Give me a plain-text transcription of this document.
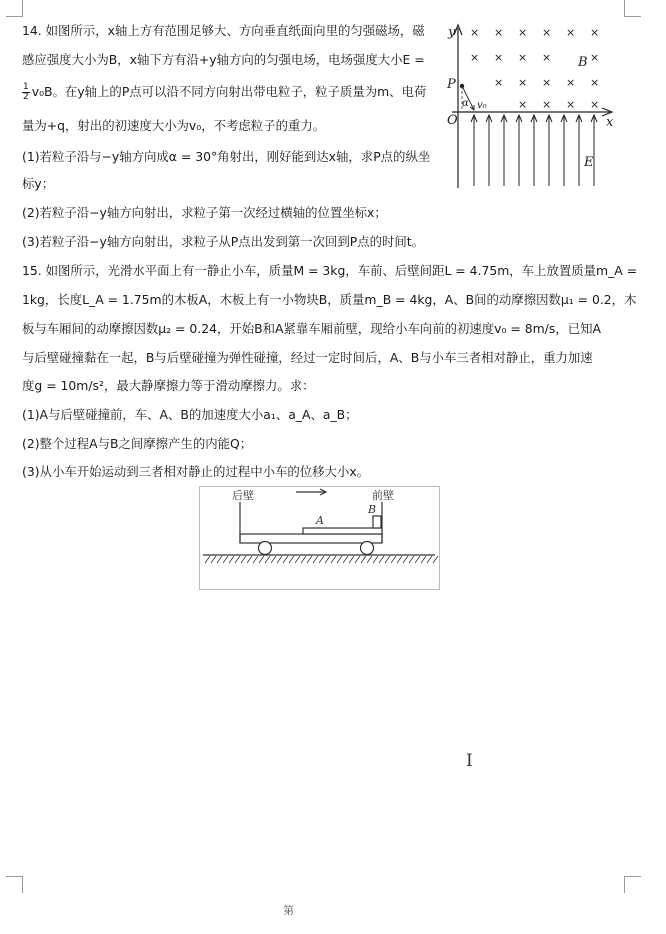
14. 如图所示，x轴上方有范围足够大、方向垂直纸面向里的匀强磁场，磁
感应强度大小为B，x轴下方有沿+y轴方向的匀强电场，电场强度大小E =
$\frac{1}{2} v_0B$。在y轴上的P点可以沿不同方向射出带电粒子，粒子质量为m、电荷
量为+q，射出的初速度大小为v₀，不考虑粒子的重力。
(1)若粒子沿与−y轴方向成α = 30°角射出，刚好能到达x轴，求P点的纵坐
标y；
(2)若粒子沿−y轴方向射出，求粒子第一次经过横轴的位置坐标x；
(3)若粒子沿−y轴方向射出，求粒子从P点出发到第一次回到P点的时间t。
× × × × × ×
× × × ×	×
× × × × ×
× × × ×
y
x
O
P
B
E
α v₀
15. 如图所示，光滑水平面上有一静止小车，质量M = 3kg，车前、后壁间距L = 4.75m，车上放置质量m_A =
1kg，长度L_A = 1.75m的木板A，木板上有一小物块B，质量m_B = 4kg，A、B间的动摩擦因数μ₁ = 0.2，木
板与车厢间的动摩擦因数μ₂ = 0.24，开始B和A紧靠车厢前壁，现给小车向前的初速度v₀ = 8m/s，已知A
与后壁碰撞黏在一起，B与后壁碰撞为弹性碰撞，经过一定时间后，A、B与小车三者相对静止，重力加速
度g = 10m/s²，最大静摩擦力等于滑动摩擦力。求：
(1)A与后壁碰撞前，车、A、B的加速度大小a₁、a_A、a_B；
(2)整个过程A与B之间摩擦产生的内能Q；
(3)从小车开始运动到三者相对静止的过程中小车的位移大小x。
后壁	前壁
A
B
I
第
